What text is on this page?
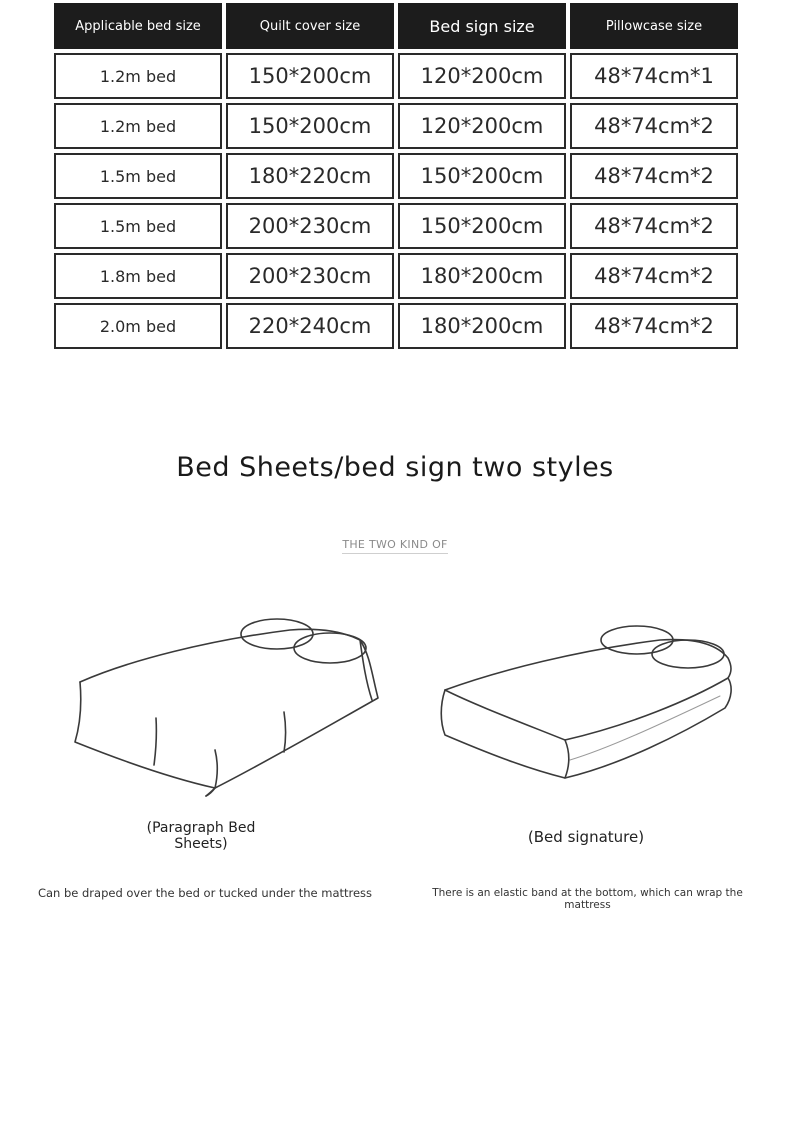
Applicable bed size	Quilt cover size	Bed sign size	Pillowcase size
1.2m bed	150*200cm	120*200cm	48*74cm*1
1.2m bed	150*200cm	120*200cm	48*74cm*2
1.5m bed	180*220cm	150*200cm	48*74cm*2
1.5m bed	200*230cm	150*200cm	48*74cm*2
1.8m bed	200*230cm	180*200cm	48*74cm*2
2.0m bed	220*240cm	180*200cm	48*74cm*2
Bed Sheets/bed sign two styles
THE TWO KIND OF
(Paragraph Bed Sheets)	(Bed signature)
Can be draped over the bed or tucked under the mattress	There is an elastic band at the bottom, which can wrap the mattress
